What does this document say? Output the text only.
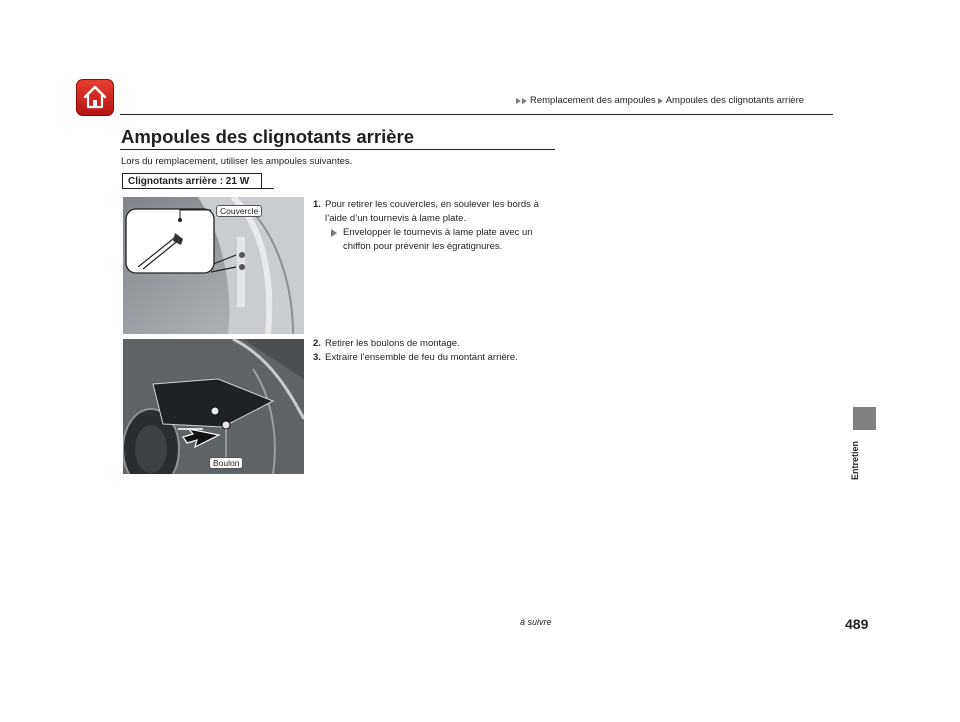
Remplacement des ampoules Ampoules des clignotants arrière
Ampoules des clignotants arrière
Lors du remplacement, utiliser les ampoules suivantes.
Clignotants arrière : 21 W
Couvercle
Boulon
1. Pour retirer les couvercles, en soulever les bords à
l’aide d’un tournevis à lame plate.
Envelopper le tournevis à lame plate avec un
chiffon pour prévenir les égratignures.
2. Retirer les boulons de montage.
3. Extraire l’ensemble de feu du montant arrière.
Entretien
à suivre	489
